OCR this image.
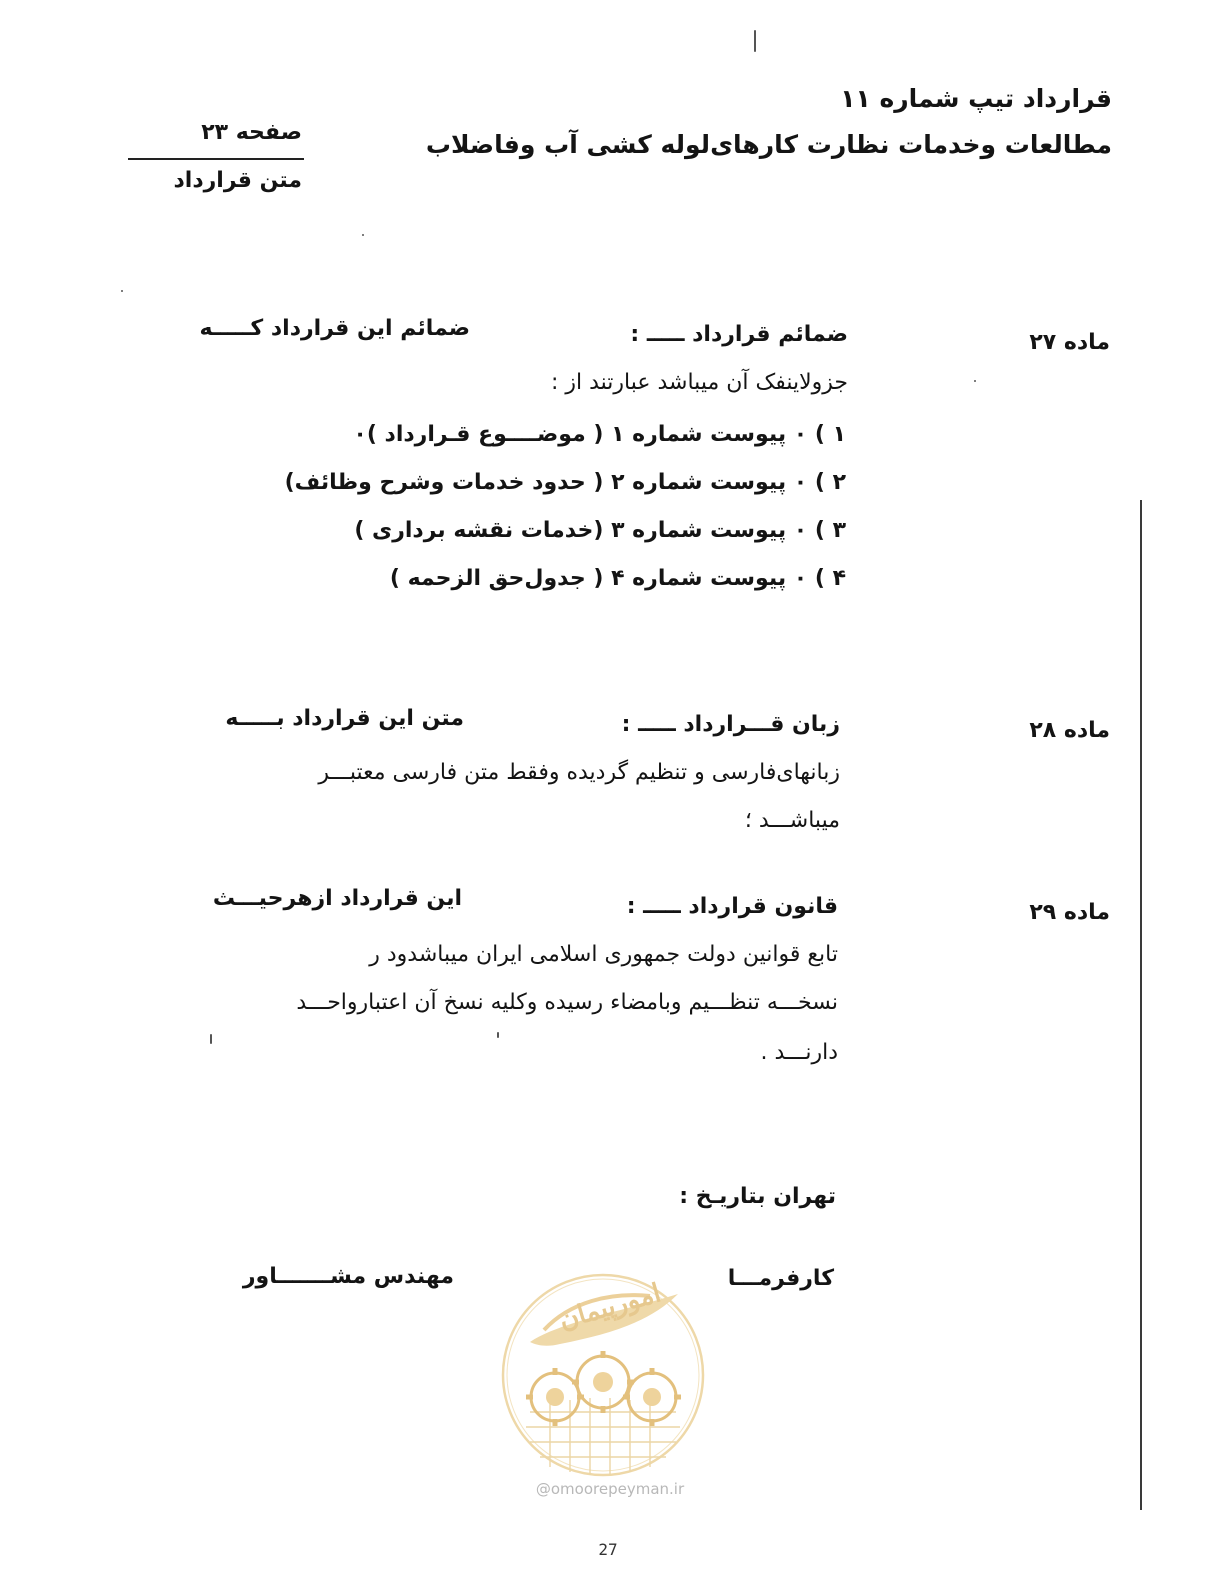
قرارداد تیپ شماره ۱۱
مطالعات وخدمات نظارت کارهای‌لوله کشی آب وفاضلاب
صفحه ۲۳
متن قرارداد
ماده ۲۷
ضمائم قرارداد ـــــ :
ضمائم این قرارداد کـــــه
جزولاینفک آن میباشد عبارتند از :
۱ ) ۰ پیوست شماره ۱ ( موضــــوع قـرارداد )۰
۲ ) ۰ پیوست شماره ۲ ( حدود خدمات وشرح وظائف)
۳ ) ۰ پیوست شماره ۳ (خدمات نقشه برداری )
۴ ) ۰ پیوست شماره ۴ ( جدول‌حق الزحمه )
ماده ۲۸
زبان قـــرارداد ـــــ :
متن این قرارداد بـــــه
زبانهای‌فارسی و تنظیم گردیده وفقط متن فارسی معتبـــر
میباشـــد ؛
ماده ۲۹
قانون قرارداد ـــــ :
این قرارداد ازهرحیـــث
تابع قوانین دولت جمهوری اسلامی ایران میباشدود ر
نسخـــه تنظـــیم وبامضاء رسیده وکلیه نسخ آن اعتبارواحـــد
دارنـــد .
تهران بتاریـخ :
کارفرمـــا
مهندس مشـــــــاور
امورپیمان
@omoorepeyman.ir
27
